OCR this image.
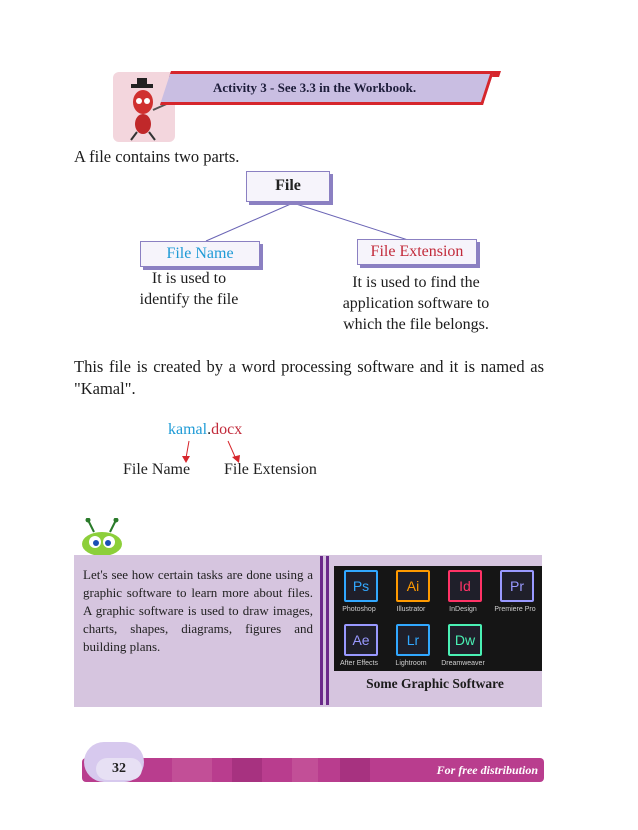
Activity 3 - See 3.3 in the Workbook.
A file contains two parts.
File
File Name	File Extension
It is used to
identify the file
It is used to find the
application software to
which the file belongs.
This file is created by a word processing software and it is named as
"Kamal".
kamal.docx
File Name File Extension
Let's see how certain tasks are done using a graphic software to learn more about files. A graphic software is used to draw images, charts, shapes, diagrams, figures and building plans.
Ps
Photoshop
Ai
Illustrator
Id
InDesign
Pr
Premiere Pro
Ae
After Effects
Lr
Lightroom
Dw
Dreamweaver
Some Graphic Software
32	For free distribution
